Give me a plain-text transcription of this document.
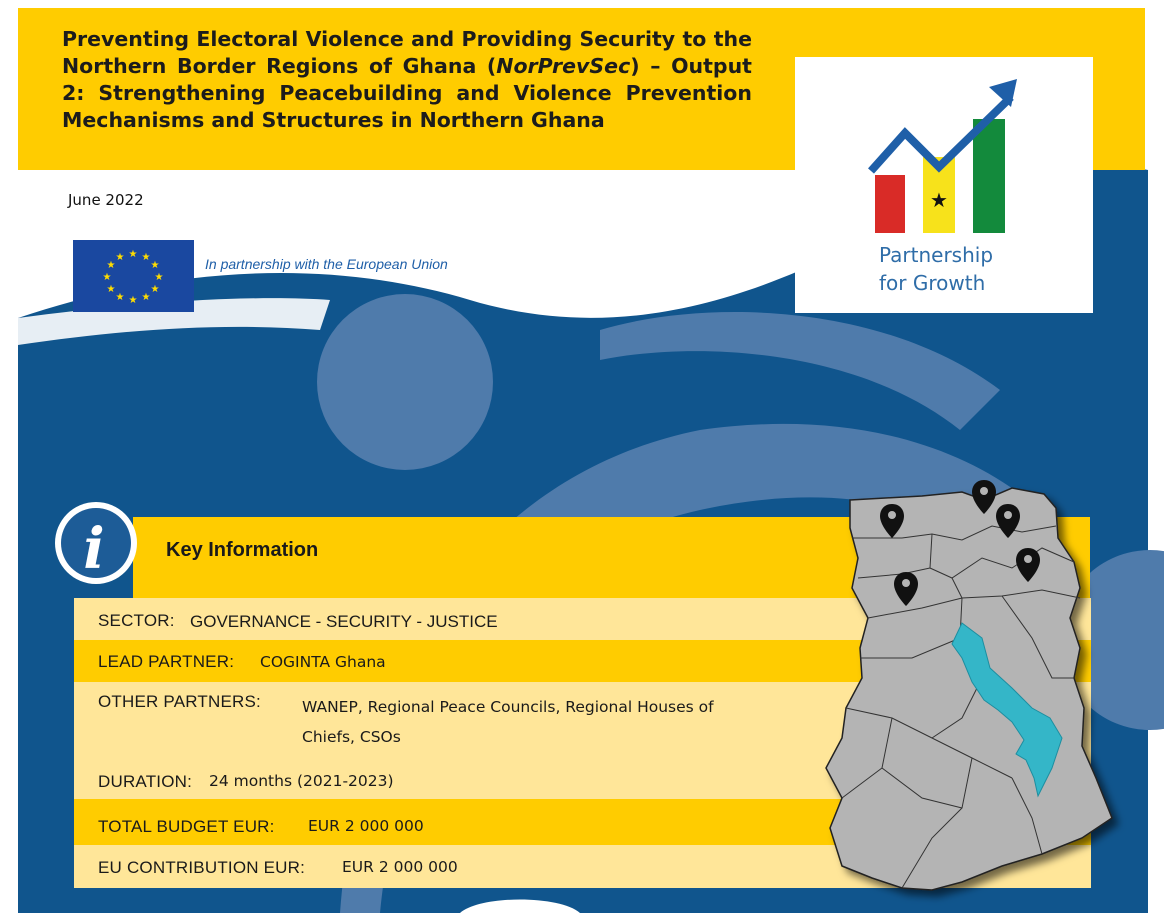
Preventing Electoral Violence and Providing Security to the Northern Border Regions of Ghana (NorPrevSec) – Output 2: Strengthening Peacebuilding and Violence Prevention Mechanisms and Structures in Northern Ghana

June 2022
★ ★
★
★
★
★
★
★
★
★
★
★	In partnership with the European Union
★
Partnership
for Growth
Key Information
i
SECTOR: GOVERNANCE - SECURITY - JUSTICE
LEAD PARTNER: COGINTA Ghana
OTHER PARTNERS:	WANEP, Regional Peace Councils, Regional Houses of
Chiefs, CSOs
DURATION: 24 months (2021-2023)
TOTAL BUDGET EUR: EUR 2 000 000
EU CONTRIBUTION EUR: EUR 2 000 000
